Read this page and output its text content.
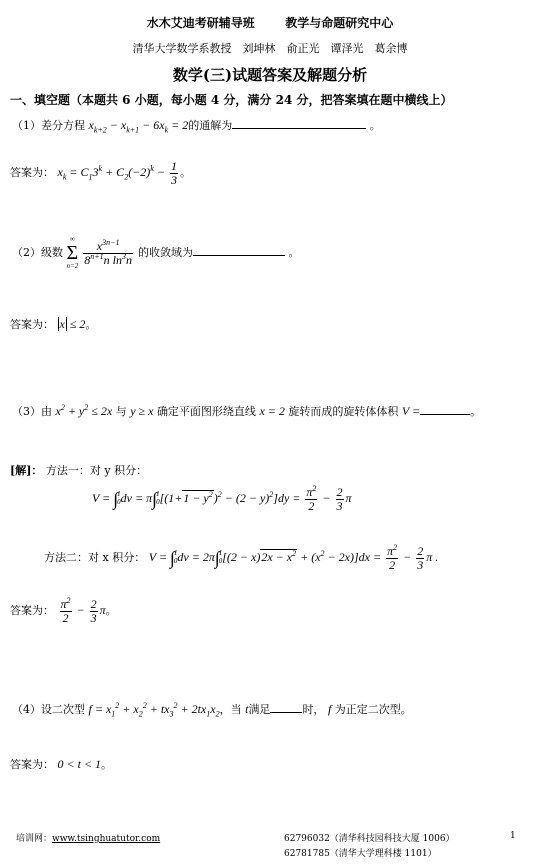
水木艾迪考研辅导班	教学与命题研究中心
清华大学数学系教授　刘坤林　俞正光　谭泽光　葛余博
数学(三)试题答案及解题分析
一、填空题（本题共 6 小题，每小题 4 分，满分 24 分，把答案填在题中横线上）
（1）差分方程 $x_{k+2} - x_{k+1} - 6x_k = 2$的通解为	。
答案为： $x_k = C_13^k + C_2(-2)^k - \frac{1}{3}$ 。
（2）级数
∞
Σ
n=2
$\frac{x^{3n-1}}{8^{n+1}n \ln^3n}$ 的收敛域为	。
答案为： x ≤ 2。
（3）由 $x^2 + y^2 \le 2x$ 与 y ≥ x 确定平面图形绕直线 x = 2 旋转而成的旋转体体积 V =	。
[解]： 方法一：对 y 积分：
V = ∫ 1
0 dv = π∫ 1
0 $[(1+1 - y^2)^2 - (2 - y)^2]dy = \frac{\pi^2}{2} - \frac{2}{3}$ π
方法二：对 x 积分： V = ∫ 1
0 dv = 2π∫ 1
0 $[(2 - x)2x - x^2 + (x^2 - 2x)]dx = \frac{\pi^2}{2} - \frac{2}{3}$ π .
答案为： $\frac{\pi^2}{2} - \frac{2}{3}$ π。
（4）设二次型 $f = x_1^2 + x_2^2 + tx_3^2 + 2tx_1x_2$，当 t满足	时， f 为正定二次型。
答案为： 0 < t < 1。
培训网：www.tsinghuatutor.com	62796032（清华科技园科技大厦 1006）
62781785（清华大学理科楼 1101）
1
